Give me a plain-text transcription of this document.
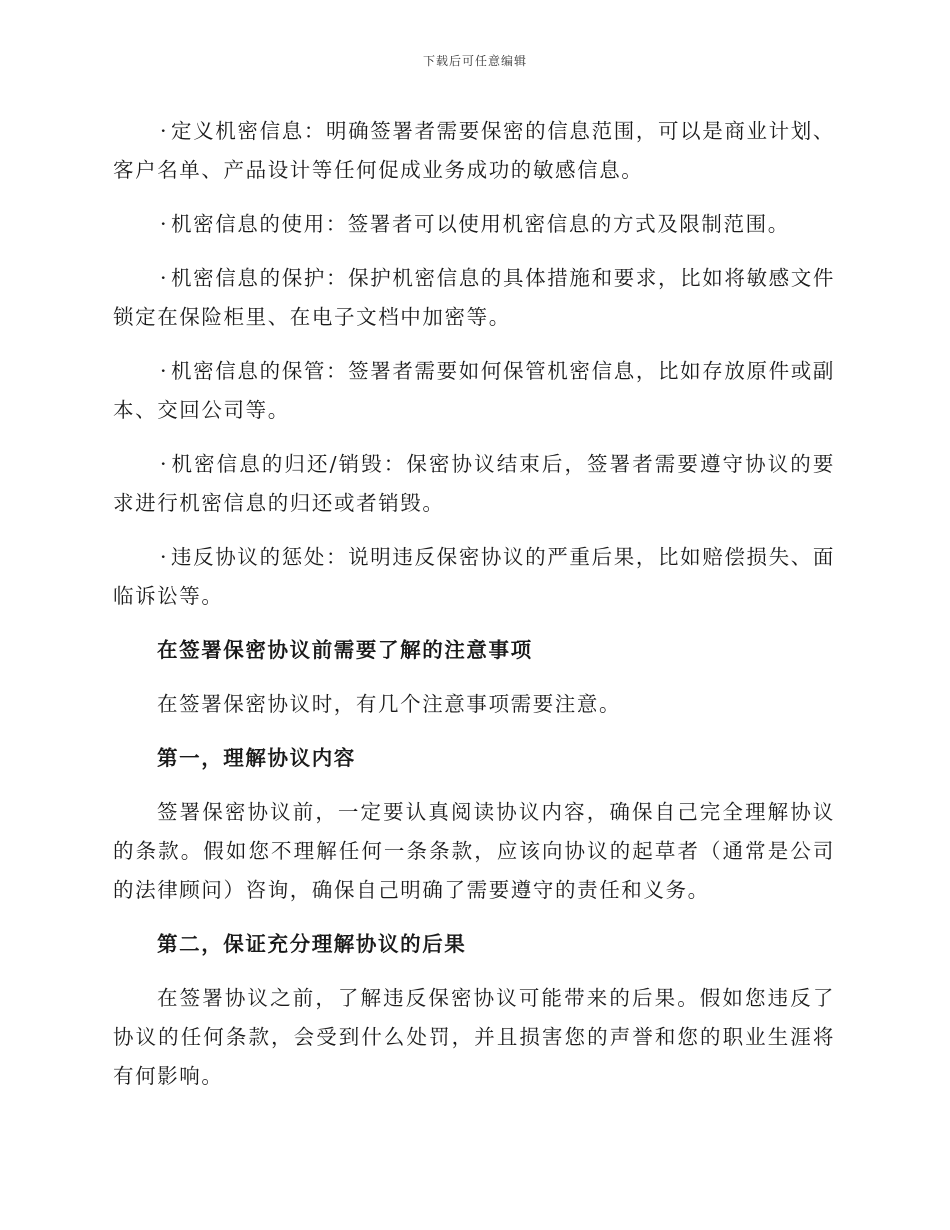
下载后可任意编辑

· 定义机密信息：明确签署者需要保密的信息范围，可以是商业计划、客户名单、产品设计等任何促成业务成功的敏感信息。

· 机密信息的使用：签署者可以使用机密信息的方式及限制范围。

· 机密信息的保护：保护机密信息的具体措施和要求，比如将敏感文件锁定在保险柜里、在电子文档中加密等。

· 机密信息的保管：签署者需要如何保管机密信息，比如存放原件或副本、交回公司等。

· 机密信息的归还/销毁：保密协议结束后，签署者需要遵守协议的要求进行机密信息的归还或者销毁。

· 违反协议的惩处：说明违反保密协议的严重后果，比如赔偿损失、面临诉讼等。

在签署保密协议前需要了解的注意事项

在签署保密协议时，有几个注意事项需要注意。

第一，理解协议内容

签署保密协议前，一定要认真阅读协议内容，确保自己完全理解协议的条款。假如您不理解任何一条条款，应该向协议的起草者（通常是公司的法律顾问）咨询，确保自己明确了需要遵守的责任和义务。

第二，保证充分理解协议的后果

在签署协议之前，了解违反保密协议可能带来的后果。假如您违反了协议的任何条款，会受到什么处罚，并且损害您的声誉和您的职业生涯将有何影响。
